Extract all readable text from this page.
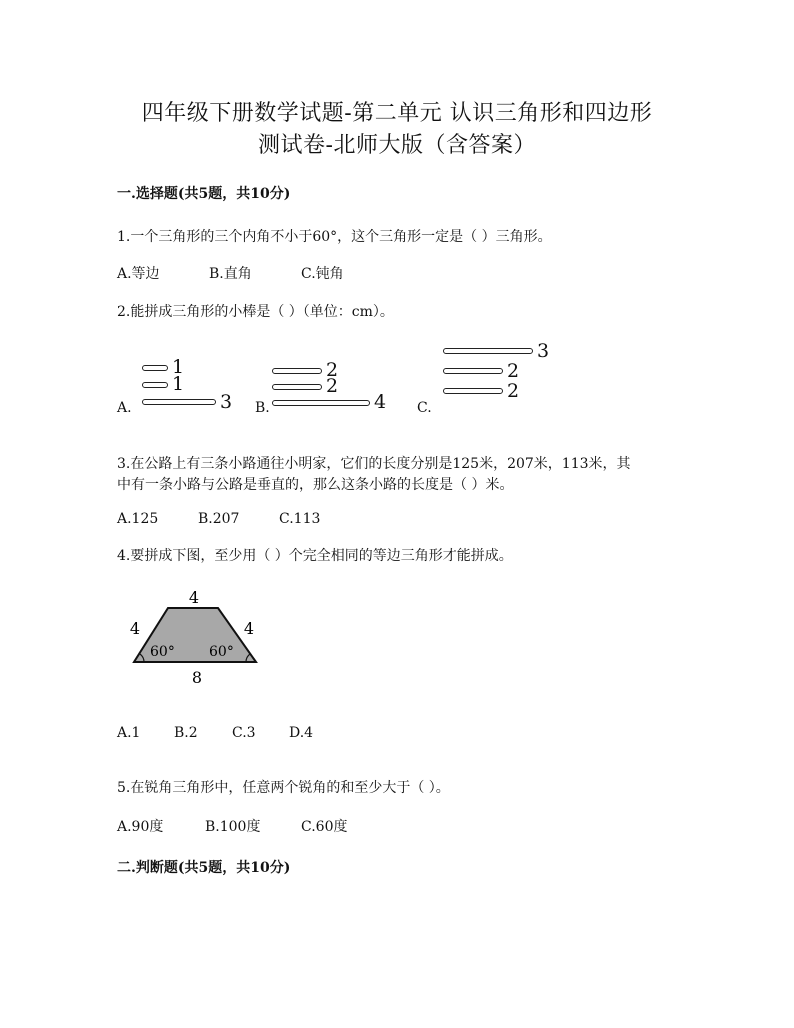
四年级下册数学试题-第二单元 认识三角形和四边形
测试卷-北师大版（含答案）
一.选择题(共5题，共10分)
1.一个三角形的三个内角不小于60°，这个三角形一定是（ ）三角形。
A.等边	B.直角	C.钝角
2.能拼成三角形的小棒是（ ）（单位：cm）。
A.
1
1
3 B.
2
2
4 C.
3
2
2
3.在公路上有三条小路通往小明家，它们的长度分别是125米，207米，113米，其
中有一条小路与公路是垂直的，那么这条小路的长度是（ ）米。
A.125	B.207	C.113
4.要拼成下图，至少用（ ）个完全相同的等边三角形才能拼成。
4
4	4
8
60° 60°
A.1 B.2 C.3 D.4
5.在锐角三角形中，任意两个锐角的和至少大于（ ）。
A.90度	B.100度	C.60度
二.判断题(共5题，共10分)
